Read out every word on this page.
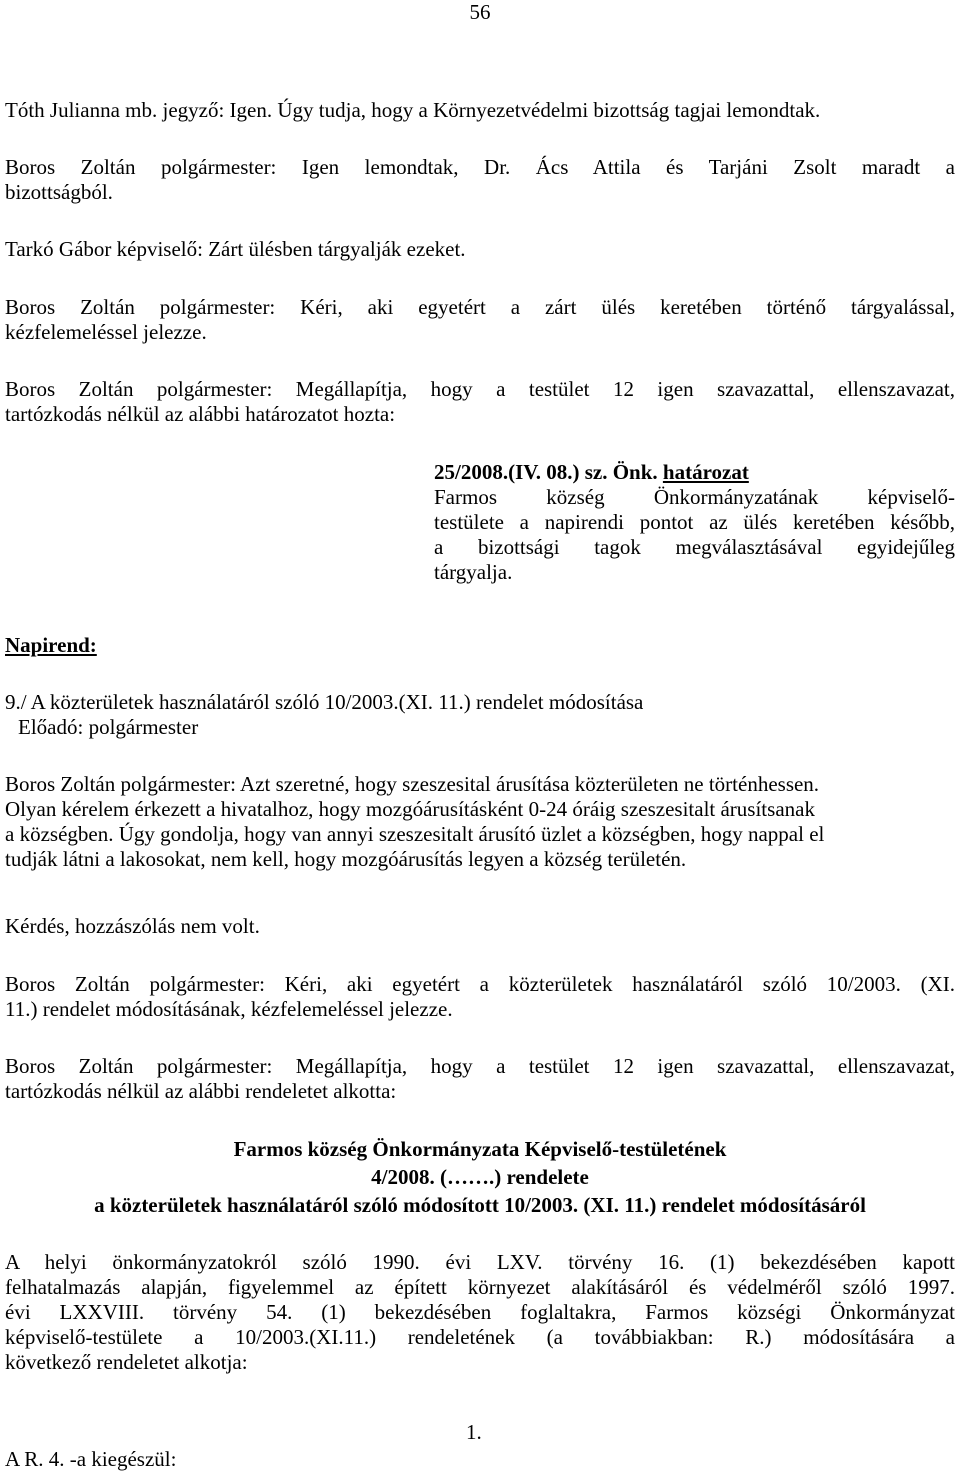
56
Tóth Julianna mb. jegyző: Igen. Úgy tudja, hogy a Környezetvédelmi bizottság tagjai lemondtak.
Boros Zoltán polgármester: Igen lemondtak, Dr. Ács Attila és Tarjáni Zsolt maradt a
bizottságból.
Tarkó Gábor képviselő: Zárt ülésben tárgyalják ezeket.
Boros Zoltán polgármester: Kéri, aki egyetért a zárt ülés keretében történő tárgyalással,
kézfelemeléssel jelezze.
Boros Zoltán polgármester: Megállapítja, hogy a testület 12 igen szavazattal, ellenszavazat,
tartózkodás nélkül az alábbi határozatot hozta:
25/2008.(IV. 08.) sz. Önk. határozat
Farmos község Önkormányzatának képviselő-
testülete a napirendi pontot az ülés keretében később,
a bizottsági tagok megválasztásával egyidejűleg
tárgyalja.
Napirend:
9./ A közterületek használatáról szóló 10/2003.(XI. 11.) rendelet módosítása
Előadó: polgármester
Boros Zoltán polgármester: Azt szeretné, hogy szeszesital árusítása közterületen ne történhessen.
Olyan kérelem érkezett a hivatalhoz, hogy mozgóárusításként 0-24 óráig szeszesitalt árusítsanak
a községben. Úgy gondolja, hogy van annyi szeszesitalt árusító üzlet a községben, hogy nappal el
tudják látni a lakosokat, nem kell, hogy mozgóárusítás legyen a község területén.
Kérdés, hozzászólás nem volt.
Boros Zoltán polgármester: Kéri, aki egyetért a közterületek használatáról szóló 10/2003. (XI.
11.) rendelet módosításának, kézfelemeléssel jelezze.
Boros Zoltán polgármester: Megállapítja, hogy a testület 12 igen szavazattal, ellenszavazat,
tartózkodás nélkül az alábbi rendeletet alkotta:
Farmos község Önkormányzata Képviselő-testületének
4/2008. (…….) rendelete
a közterületek használatáról szóló módosított 10/2003. (XI. 11.) rendelet módosításáról
A helyi önkormányzatokról szóló 1990. évi LXV. törvény 16. (1) bekezdésében kapott
felhatalmazás alapján, figyelemmel az épített környezet alakításáról és védelméről szóló 1997.
évi LXXVIII. törvény 54. (1) bekezdésében foglaltakra, Farmos községi Önkormányzat
képviselő-testülete a 10/2003.(XI.11.) rendeletének (a továbbiakban: R.) módosítására a
következő rendeletet alkotja:
1.
A R. 4. -a kiegészül:
